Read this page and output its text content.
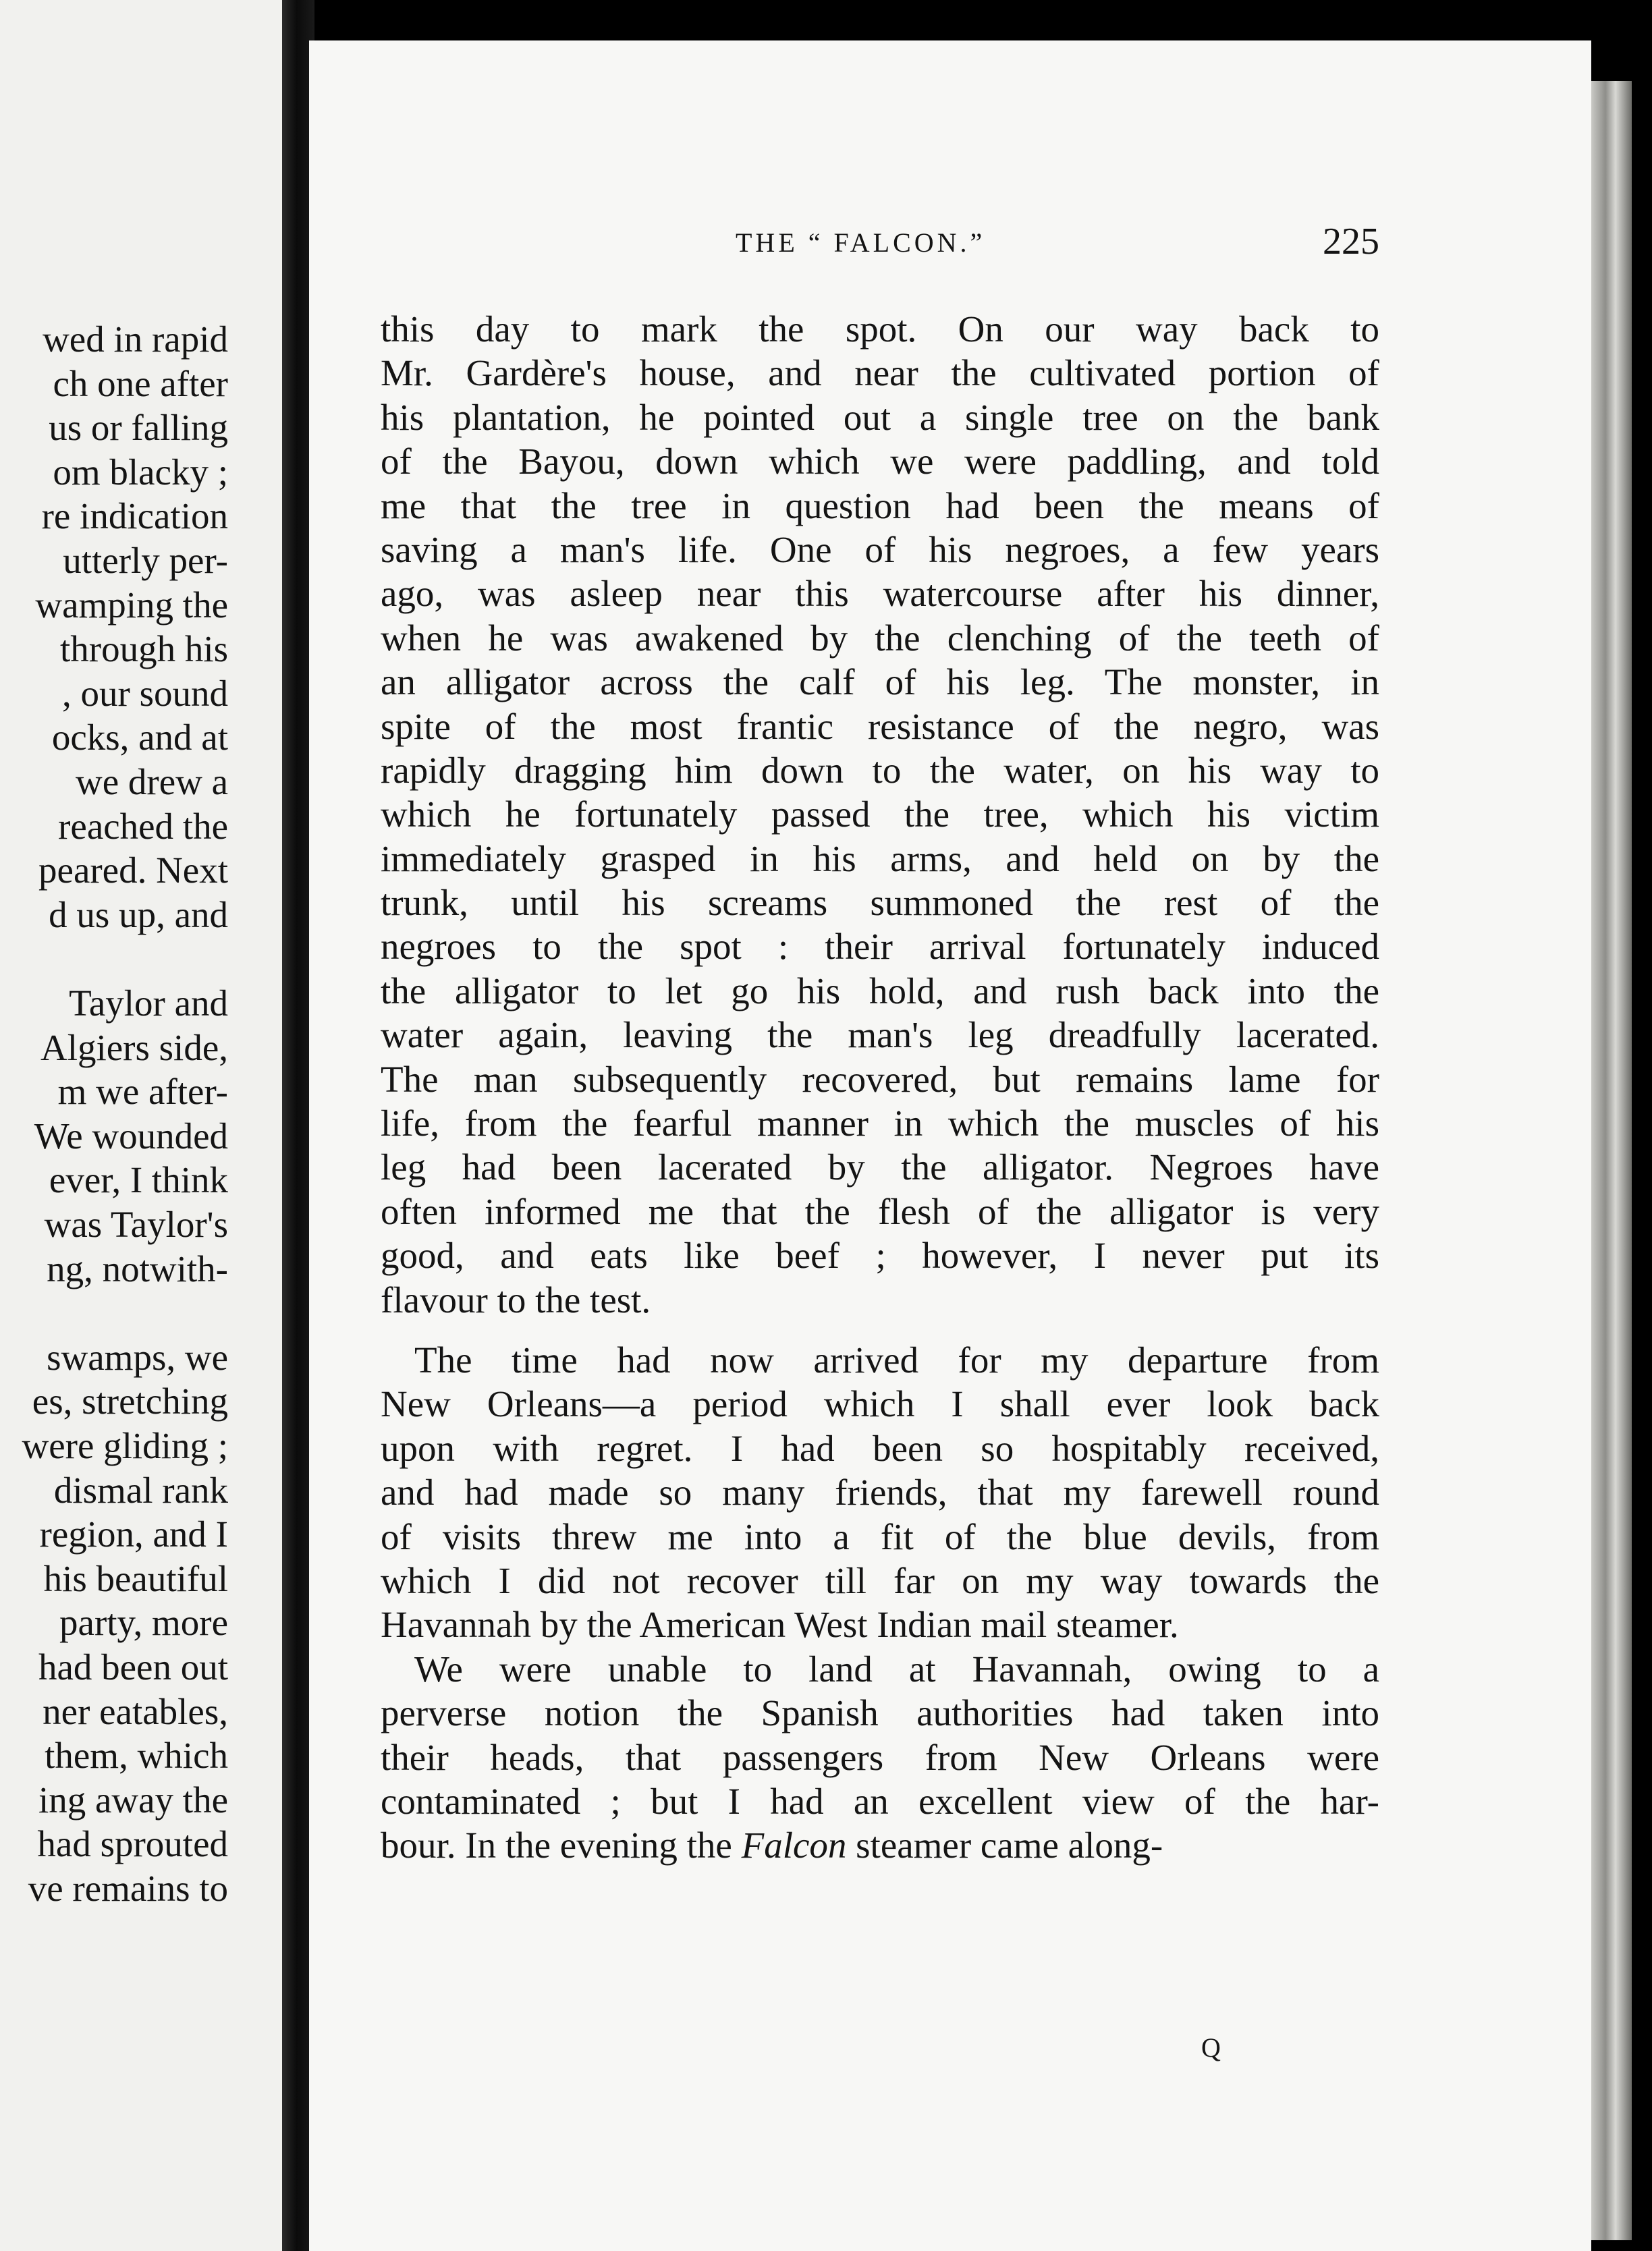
wed in rapid
ch one after
us or falling
om blacky ;
re indication
utterly per-
wamping the
through his
, our sound
ocks, and at
we drew a
reached the
peared. Next
d us up, and
Taylor and
Algiers side,
m we after-
We wounded
ever, I think
was Taylor's
ng, notwith-
swamps, we
es, stretching
were gliding ;
dismal rank
region, and I
his beautiful
party, more
had been out
ner eatables,
them, which
ing away the
had sprouted
ve remains to
THE “ FALCON.”	225
this day to mark the spot. On our way back to
Mr. Gardère's house, and near the cultivated portion of
his plantation, he pointed out a single tree on the bank
of the Bayou, down which we were paddling, and told
me that the tree in question had been the means of
saving a man's life. One of his negroes, a few years
ago, was asleep near this watercourse after his dinner,
when he was awakened by the clenching of the teeth of
an alligator across the calf of his leg. The monster, in
spite of the most frantic resistance of the negro, was
rapidly dragging him down to the water, on his way to
which he fortunately passed the tree, which his victim
immediately grasped in his arms, and held on by the
trunk, until his screams summoned the rest of the
negroes to the spot : their arrival fortunately induced
the alligator to let go his hold, and rush back into the
water again, leaving the man's leg dreadfully lacerated.
The man subsequently recovered, but remains lame for
life, from the fearful manner in which the muscles of his
leg had been lacerated by the alligator. Negroes have
often informed me that the flesh of the alligator is very
good, and eats like beef ; however, I never put its
flavour to the test.
The time had now arrived for my departure from
New Orleans—a period which I shall ever look back
upon with regret. I had been so hospitably received,
and had made so many friends, that my farewell round
of visits threw me into a fit of the blue devils, from
which I did not recover till far on my way towards the
Havannah by the American West Indian mail steamer.
We were unable to land at Havannah, owing to a
perverse notion the Spanish authorities had taken into
their heads, that passengers from New Orleans were
contaminated ; but I had an excellent view of the har-
bour. In the evening the Falcon steamer came along-
Q
